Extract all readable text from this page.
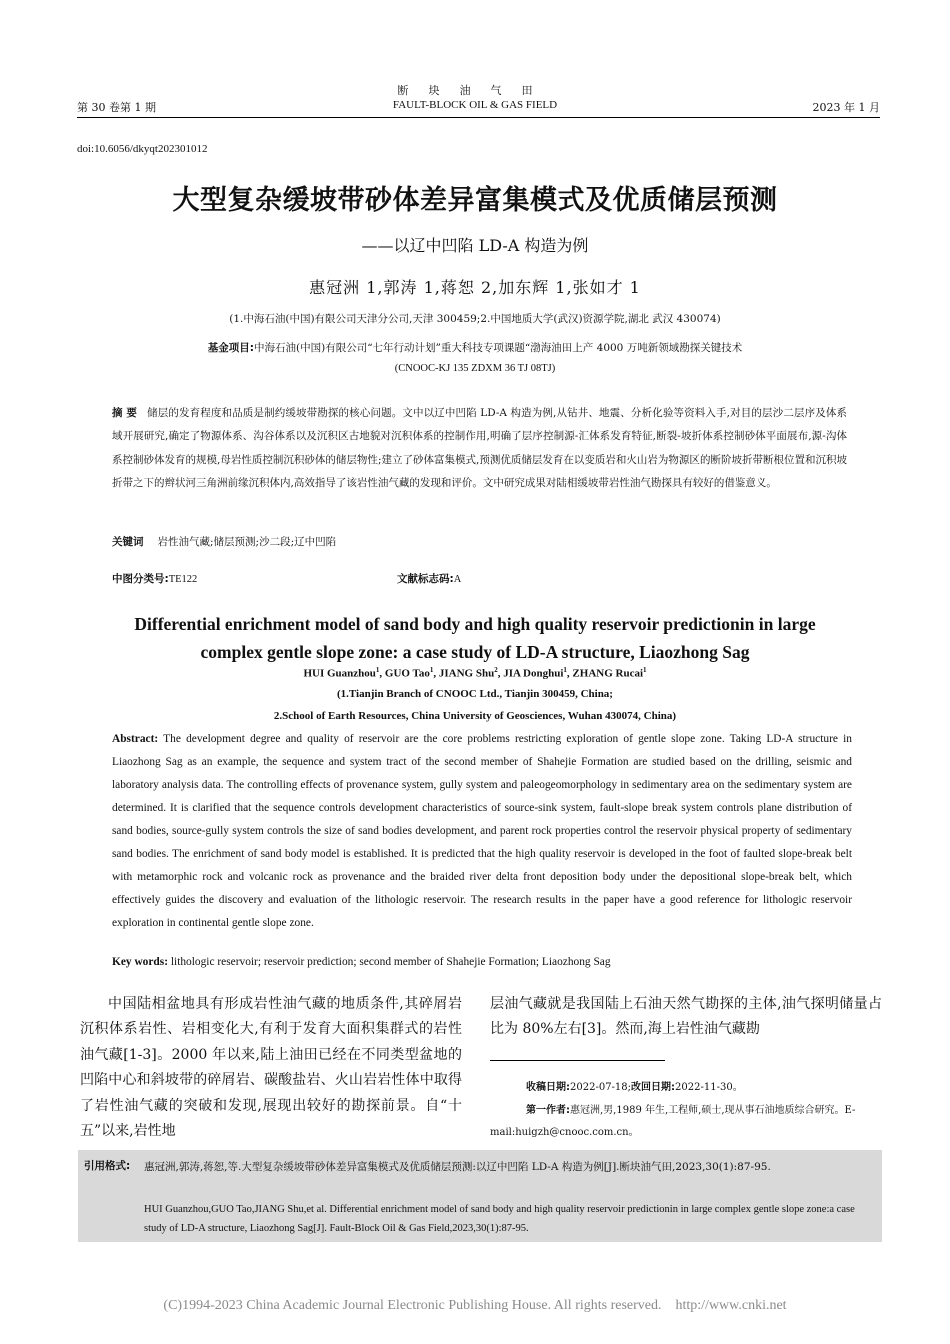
断块油气田
FAULT-BLOCK OIL & GAS FIELD
第 30 卷第 1 期	2023 年 1 月
doi:10.6056/dkyqt202301012
大型复杂缓坡带砂体差异富集模式及优质储层预测
——以辽中凹陷 LD-A 构造为例
惠冠洲 1,郭涛 1,蒋恕 2,加东辉 1,张如才 1
(1.中海石油(中国)有限公司天津分公司,天津 300459;2.中国地质大学(武汉)资源学院,湖北 武汉 430074)
基金项目:中海石油(中国)有限公司“七年行动计划”重大科技专项课题“渤海油田上产 4000 万吨新领域勘探关键技术
(CNOOC-KJ 135 ZDXM 36 TJ 08TJ)
摘 要 储层的发育程度和品质是制约缓坡带勘探的核心问题。文中以辽中凹陷 LD-A 构造为例,从钻井、地震、分析化验等资料入手,对目的层沙二层序及体系域开展研究,确定了物源体系、沟谷体系以及沉积区古地貌对沉积体系的控制作用,明确了层序控制源-汇体系发育特征,断裂-坡折体系控制砂体平面展布,源-沟体系控制砂体发育的规模,母岩性质控制沉积砂体的储层物性;建立了砂体富集模式,预测优质储层发育在以变质岩和火山岩为物源区的断阶坡折带断根位置和沉积坡折带之下的辫状河三角洲前缘沉积体内,高效指导了该岩性油气藏的发现和评价。文中研究成果对陆相缓坡带岩性油气勘探具有较好的借鉴意义。
关键词 岩性油气藏;储层预测;沙二段;辽中凹陷
中图分类号:TE122	文献标志码:A
Differential enrichment model of sand body and high quality reservoir predictionin in large
complex gentle slope zone: a case study of LD-A structure, Liaozhong Sag
HUI Guanzhou$^1$, GUO Tao$^1$, JIANG Shu$^2$, JIA Donghui$^1$, ZHANG Rucai$^1$
(1.Tianjin Branch of CNOOC Ltd., Tianjin 300459, China;
2.School of Earth Resources, China University of Geosciences, Wuhan 430074, China)
Abstract: The development degree and quality of reservoir are the core problems restricting exploration of gentle slope zone. Taking LD-A structure in Liaozhong Sag as an example, the sequence and system tract of the second member of Shahejie Formation are studied based on the drilling, seismic and laboratory analysis data. The controlling effects of provenance system, gully system and paleogeomorphology in sedimentary area on the sedimentary system are determined. It is clarified that the sequence controls development characteristics of source-sink system, fault-slope break system controls plane distribution of sand bodies, source-gully system controls the size of sand bodies development, and parent rock properties control the reservoir physical property of sedimentary sand bodies. The enrichment of sand body model is established. It is predicted that the high quality reservoir is developed in the foot of faulted slope-break belt with metamorphic rock and volcanic rock as provenance and the braided river delta front deposition body under the depositional slope-break belt, which effectively guides the discovery and evaluation of the lithologic reservoir. The research results in the paper have a good reference for lithologic reservoir exploration in continental gentle slope zone.
Key words: lithologic reservoir; reservoir prediction; second member of Shahejie Formation; Liaozhong Sag
中国陆相盆地具有形成岩性油气藏的地质条件,其碎屑岩沉积体系岩性、岩相变化大,有利于发育大面积集群式的岩性油气藏[1-3]。2000 年以来,陆上油田已经在不同类型盆地的凹陷中心和斜坡带的碎屑岩、碳酸盐岩、火山岩岩性体中取得了岩性油气藏的突破和发现,展现出较好的勘探前景。自“十五”以来,岩性地
层油气藏就是我国陆上石油天然气勘探的主体,油气探明储量占比为 80%左右[3]。然而,海上岩性油气藏勘
收稿日期:2022-07-18;改回日期:2022-11-30。
第一作者:惠冠洲,男,1989 年生,工程师,硕士,现从事石油地质综合研究。E-mail:huigzh@cnooc.com.cn。
引用格式: 惠冠洲,郭涛,蒋恕,等.大型复杂缓坡带砂体差异富集模式及优质储层预测:以辽中凹陷 LD-A 构造为例[J].断块油气田,2023,30(1):87-95.
HUI Guanzhou,GUO Tao,JIANG Shu,et al. Differential enrichment model of sand body and high quality reservoir predictionin in large complex gentle slope zone:a case study of LD-A structure, Liaozhong Sag[J]. Fault-Block Oil & Gas Field,2023,30(1):87-95.
(C)1994-2023 China Academic Journal Electronic Publishing House. All rights reserved.    http://www.cnki.net
